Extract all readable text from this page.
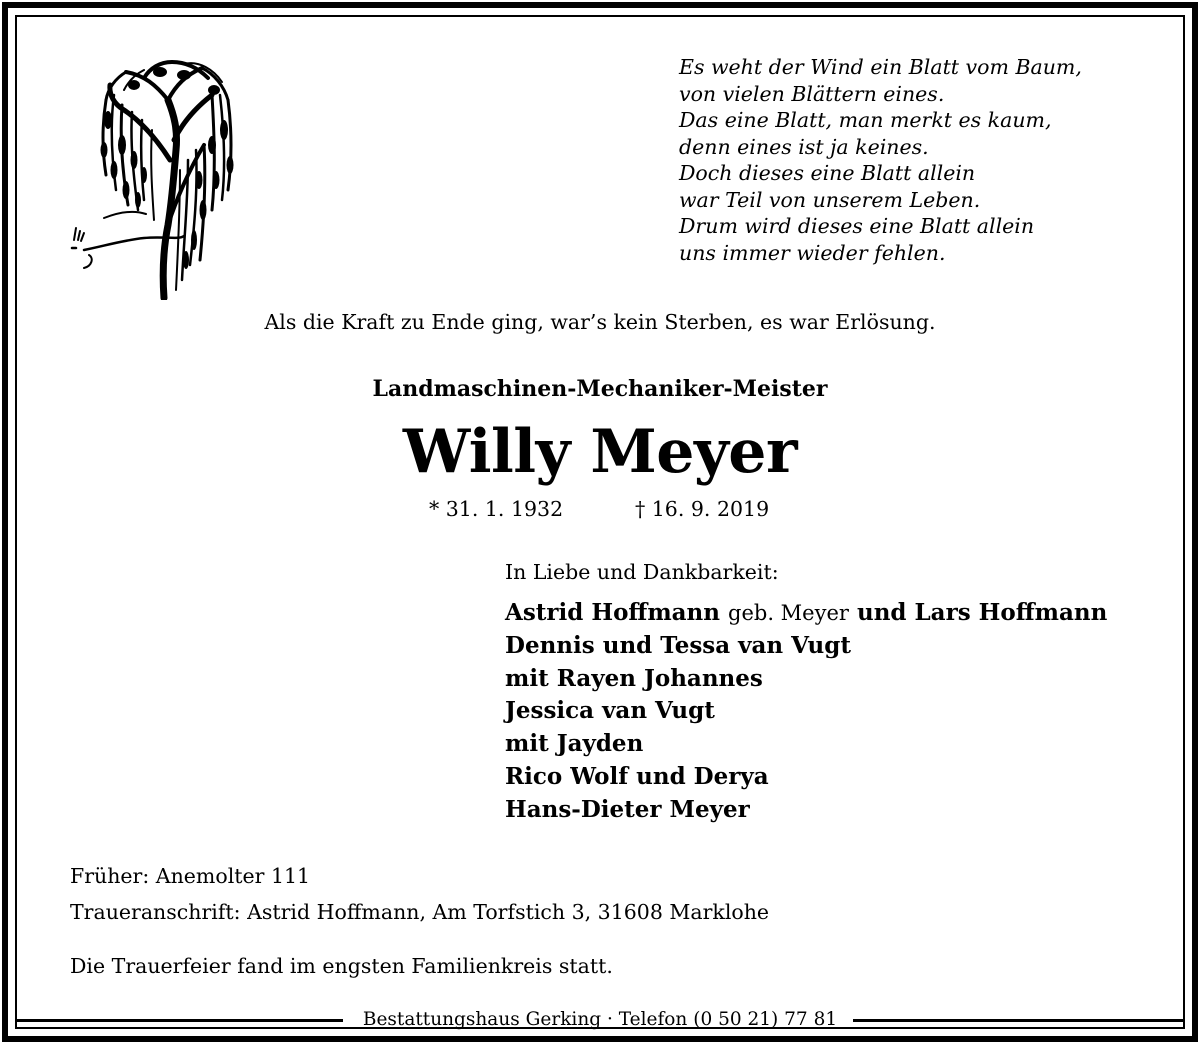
Es weht der Wind ein Blatt vom Baum,
von vielen Blättern eines.
Das eine Blatt, man merkt es kaum,
denn eines ist ja keines.
Doch dieses eine Blatt allein
war Teil von unserem Leben.
Drum wird dieses eine Blatt allein
uns immer wieder fehlen.
Als die Kraft zu Ende ging, war’s kein Sterben, es war Erlösung.
Landmaschinen-Mechaniker-Meister
Willy Meyer
* 31. 1. 1932	† 16. 9. 2019
In Liebe und Dankbarkeit:
Astrid Hoffmann geb. Meyer und Lars Hoffmann
Dennis und Tessa van Vugt
mit Rayen Johannes
Jessica van Vugt
mit Jayden
Rico Wolf und Derya
Hans-Dieter Meyer
Früher: Anemolter 111
Traueranschrift: Astrid Hoffmann, Am Torfstich 3, 31608 Marklohe
Die Trauerfeier fand im engsten Familienkreis statt.
Bestattungshaus Gerking · Telefon (0 50 21) 77 81
